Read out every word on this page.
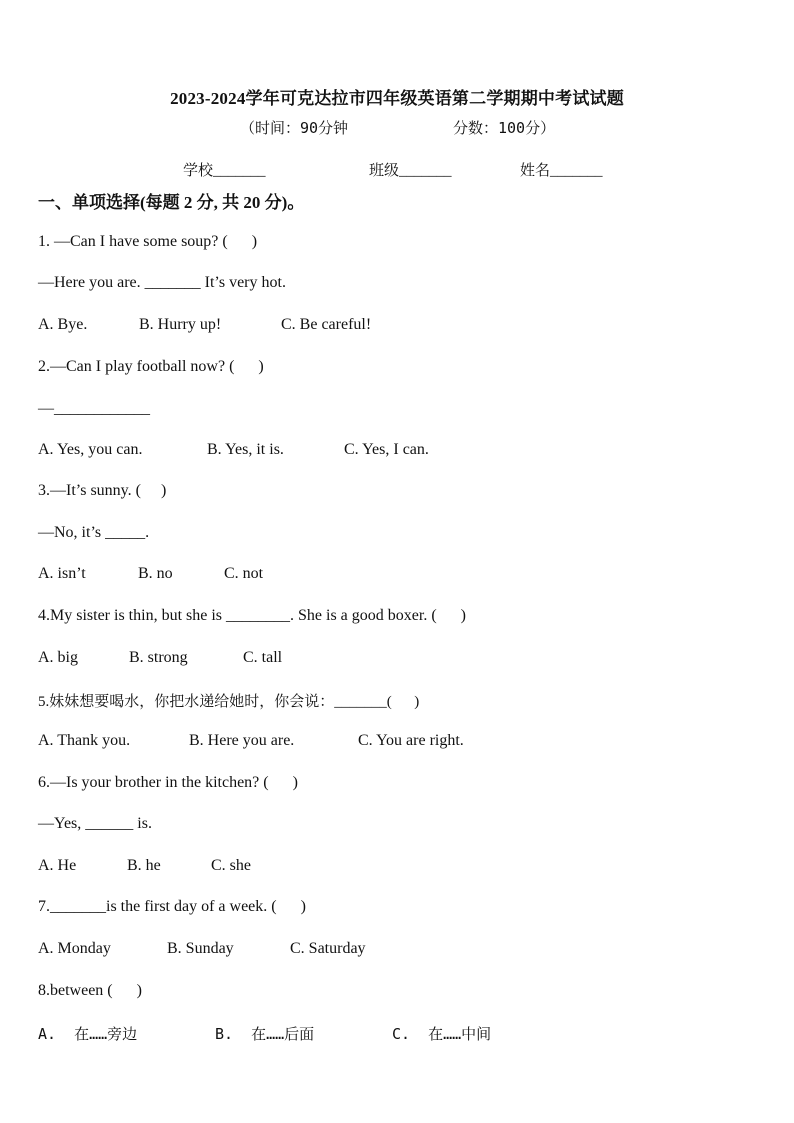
2023-2024学年可克达拉市四年级英语第二学期期中考试试题
（时间：90分钟	分数：100分）
学校_______	班级_______	姓名_______
一、单项选择(每题 2 分, 共 20 分)。
1. —Can I have some soup? (      )
—Here you are. _______ It’s very hot.
A. Bye.	B. Hurry up!	C. Be careful!
2.—Can I play football now? (      )
—____________
A. Yes, you can.	B. Yes, it is.	C. Yes, I can.
3.—It’s sunny. (     )
—No, it’s _____.
A. isn’t	B. no	C. not
4.My sister is thin, but she is ________. She is a good boxer. (      )
A. big	B. strong	C. tall
5.妹妹想要喝水，你把水递给她时，你会说：_______(      )
A. Thank you.	B. Here you are.	C. You are right.
6.—Is your brother in the kitchen? (      )
—Yes, ______ is.
A. He	B. he	C. she
7._______is the first day of a week. (      )
A. Monday	B. Sunday	C. Saturday
8.between (      )
A.  在……旁边	B.  在……后面	C.  在……中间
